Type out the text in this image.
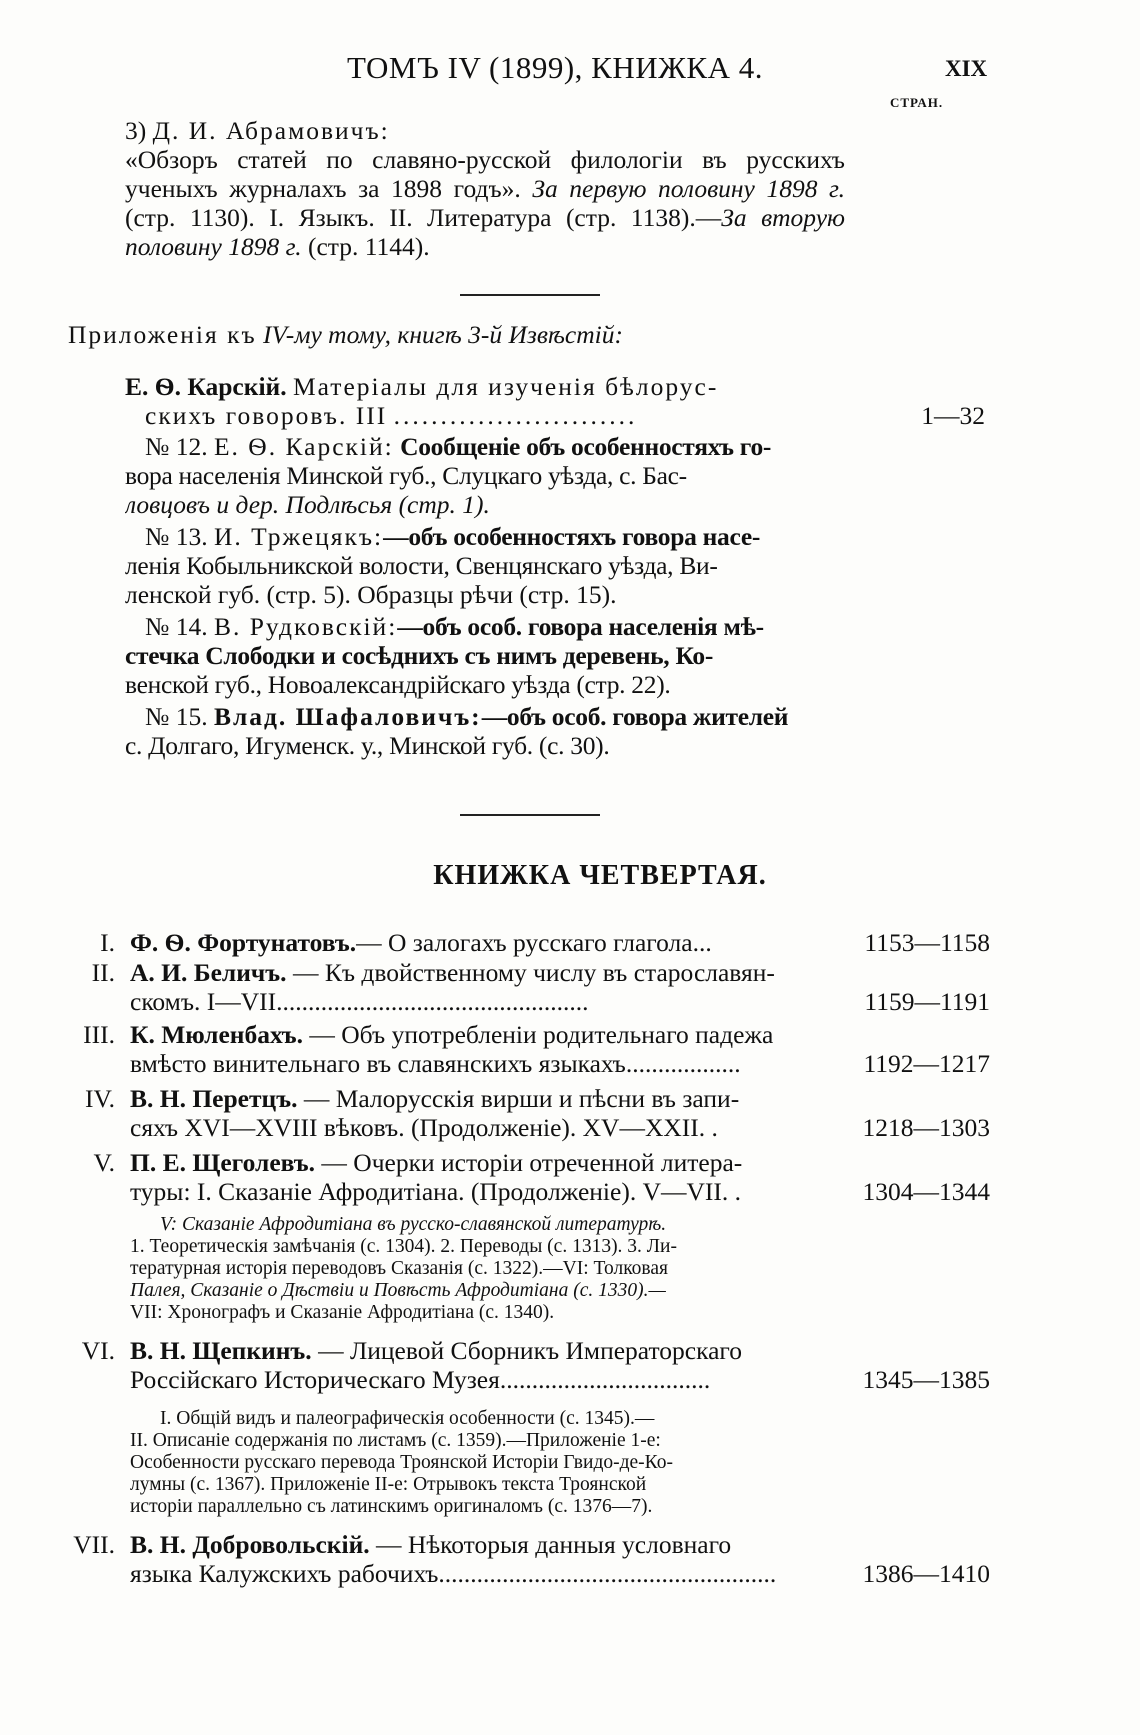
ТОМЪ IV (1899), КНИЖКА 4.	XIX
СТРАН.
3) Д. И. Абрамовичъ:
«Обзоръ статей по славяно-русской филологіи въ русскихъ ученыхъ журналахъ за 1898 годъ». За первую половину 1898 г. (стр. 1130). I. Языкъ. II. Литература (стр. 1138).—За вторую половину 1898 г. (стр. 1144).
Приложенія къ IV-му тому, книгѣ 3-й Извѣстій:
Е. Ѳ. Карскій. Матеріалы для изученія бѣлорус-
скихъ говоровъ. III ..........................	1—32
№ 12. Е. Ѳ. Карскій: Сообщеніе объ особенностяхъ го-
вора населенія Минской губ., Слуцкаго уѣзда, с. Бас-
ловцовъ и дер. Подлѣсья (стр. 1).
№ 13. И. Тржецякъ:—объ особенностяхъ говора насе-
ленія Кобыльникской волости, Свенцянскаго уѣзда, Ви-
ленской губ. (стр. 5). Образцы рѣчи (стр. 15).
№ 14. В. Рудковскій:—объ особ. говора населенія мѣ-
стечка Слободки и сосѣднихъ съ нимъ деревень, Ко-
венской губ., Новоалександрійскаго уѣзда (стр. 22).
№ 15. Влад. Шафаловичъ:—объ особ. говора жителей
с. Долгаго, Игуменск. у., Минской губ. (с. 30).
КНИЖКА ЧЕТВЕРТАЯ.
I. Ф. Ѳ. Фортунатовъ.— О залогахъ русскаго глагола...	1153—1158
II. А. И. Беличъ. — Къ двойственному числу въ старославян-
скомъ. I—VII.................................................	1159—1191
III. К. Мюленбахъ. — Объ употребленіи родительнаго падежа
вмѣсто винительнаго въ славянскихъ языкахъ..................	1192—1217
IV. В. Н. Перетцъ. — Малорусскія вирши и пѣсни въ запи-
сяхъ XVI—XVIII вѣковъ. (Продолженіе). XV—XXII. .	1218—1303
V. П. Е. Щеголевъ. — Очерки исторіи отреченной литера-
туры: I. Сказаніе Афродитіана. (Продолженіе). V—VII. .	1304—1344
V: Сказаніе Афродитіана въ русско-славянской литературѣ.
1. Теоретическія замѣчанія (с. 1304). 2. Переводы (с. 1313). 3. Ли-
тературная исторія переводовъ Сказанія (с. 1322).—VI: Толковая
Палея, Сказаніе о Дѣствіи и Повѣсть Афродитіана (с. 1330).—
VII: Хронографъ и Сказаніе Афродитіана (с. 1340).
VI. В. Н. Щепкинъ. — Лицевой Сборникъ Императорскаго
Россійскаго Историческаго Музея.................................	1345—1385
I. Общій видъ и палеографическія особенности (с. 1345).—
II. Описаніе содержанія по листамъ (с. 1359).—Приложеніе 1-е:
Особенности русскаго перевода Троянской Исторіи Гвидо-де-Ко-
лумны (с. 1367). Приложеніе II-е: Отрывокъ текста Троянской
исторіи параллельно съ латинскимъ оригиналомъ (с. 1376—7).
VII. В. Н. Добровольскій. — Нѣкоторыя данныя условнаго
языка Калужскихъ рабочихъ.....................................................	1386—1410
